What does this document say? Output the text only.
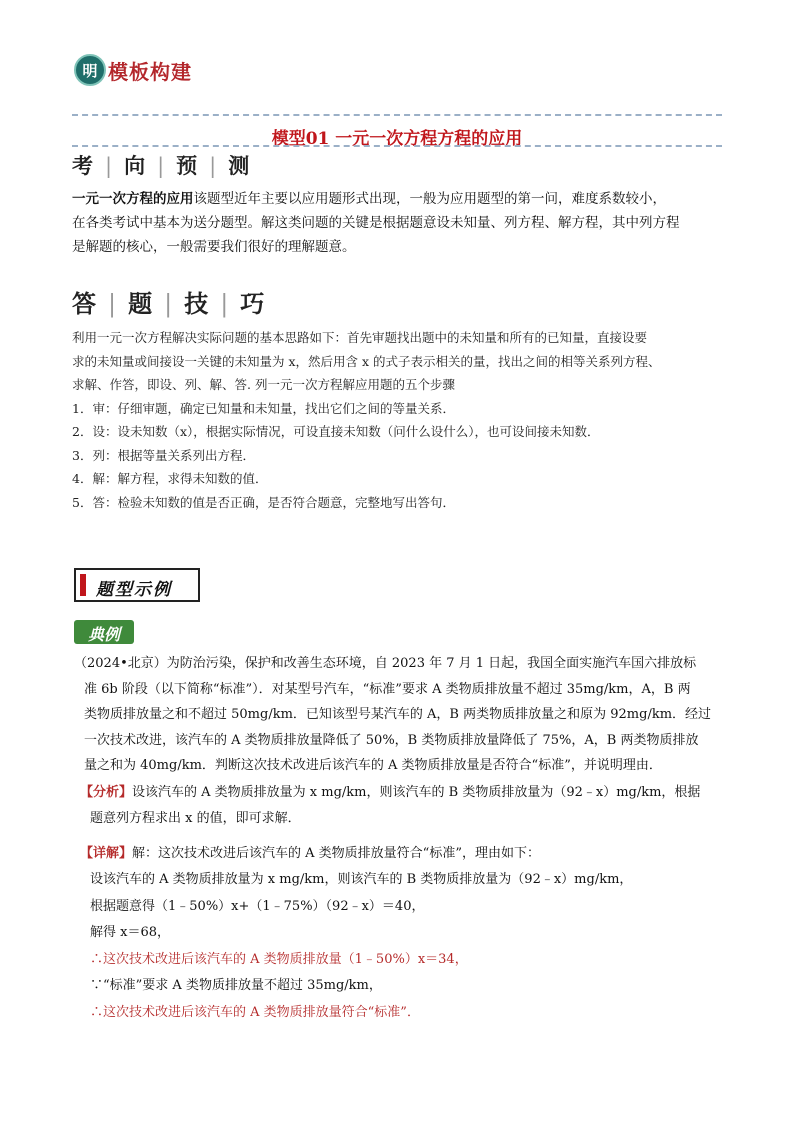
明 模板构建
模型01 一元一次方程方程的应用
考 | 向 | 预 | 测
一元一次方程的应用该题型近年主要以应用题形式出现，一般为应用题型的第一问，难度系数较小，
在各类考试中基本为送分题型。解这类问题的关键是根据题意设未知量、列方程、解方程，其中列方程
是解题的核心，一般需要我们很好的理解题意。
答 | 题 | 技 | 巧
利用一元一次方程解决实际问题的基本思路如下：首先审题找出题中的未知量和所有的已知量，直接设要
求的未知量或间接设一关键的未知量为 x，然后用含 x 的式子表示相关的量，找出之间的相等关系列方程、
求解、作答，即设、列、解、答. 列一元一次方程解应用题的五个步骤
1．审：仔细审题，确定已知量和未知量，找出它们之间的等量关系．
2．设：设未知数（x），根据实际情况，可设直接未知数（问什么设什么），也可设间接未知数．
3．列：根据等量关系列出方程．
4．解：解方程，求得未知数的值．
5．答：检验未知数的值是否正确，是否符合题意，完整地写出答句．
题型示例
典例
（2024•北京）为防治污染，保护和改善生态环境，自 2023 年 7 月 1 日起，我国全面实施汽车国六排放标
准 6b 阶段（以下简称“标准”）．对某型号汽车，“标准”要求 A 类物质排放量不超过 35mg/km，A，B 两
类物质排放量之和不超过 50mg/km．已知该型号某汽车的 A，B 两类物质排放量之和原为 92mg/km．经过
一次技术改进，该汽车的 A 类物质排放量降低了 50%，B 类物质排放量降低了 75%，A，B 两类物质排放
量之和为 40mg/km．判断这次技术改进后该汽车的 A 类物质排放量是否符合“标准”，并说明理由．
【分析】设该汽车的 A 类物质排放量为 x mg/km，则该汽车的 B 类物质排放量为（92﹣x）mg/km，根据
题意列方程求出 x 的值，即可求解．
【详解】解：这次技术改进后该汽车的 A 类物质排放量符合“标准”，理由如下：
设该汽车的 A 类物质排放量为 x mg/km，则该汽车的 B 类物质排放量为（92﹣x）mg/km，
根据题意得（1﹣50%）x+（1﹣75%）（92﹣x）＝40，
解得 x＝68，
∴这次技术改进后该汽车的 A 类物质排放量（1﹣50%）x＝34，
∵“标准”要求 A 类物质排放量不超过 35mg/km，
∴这次技术改进后该汽车的 A 类物质排放量符合“标准”．
